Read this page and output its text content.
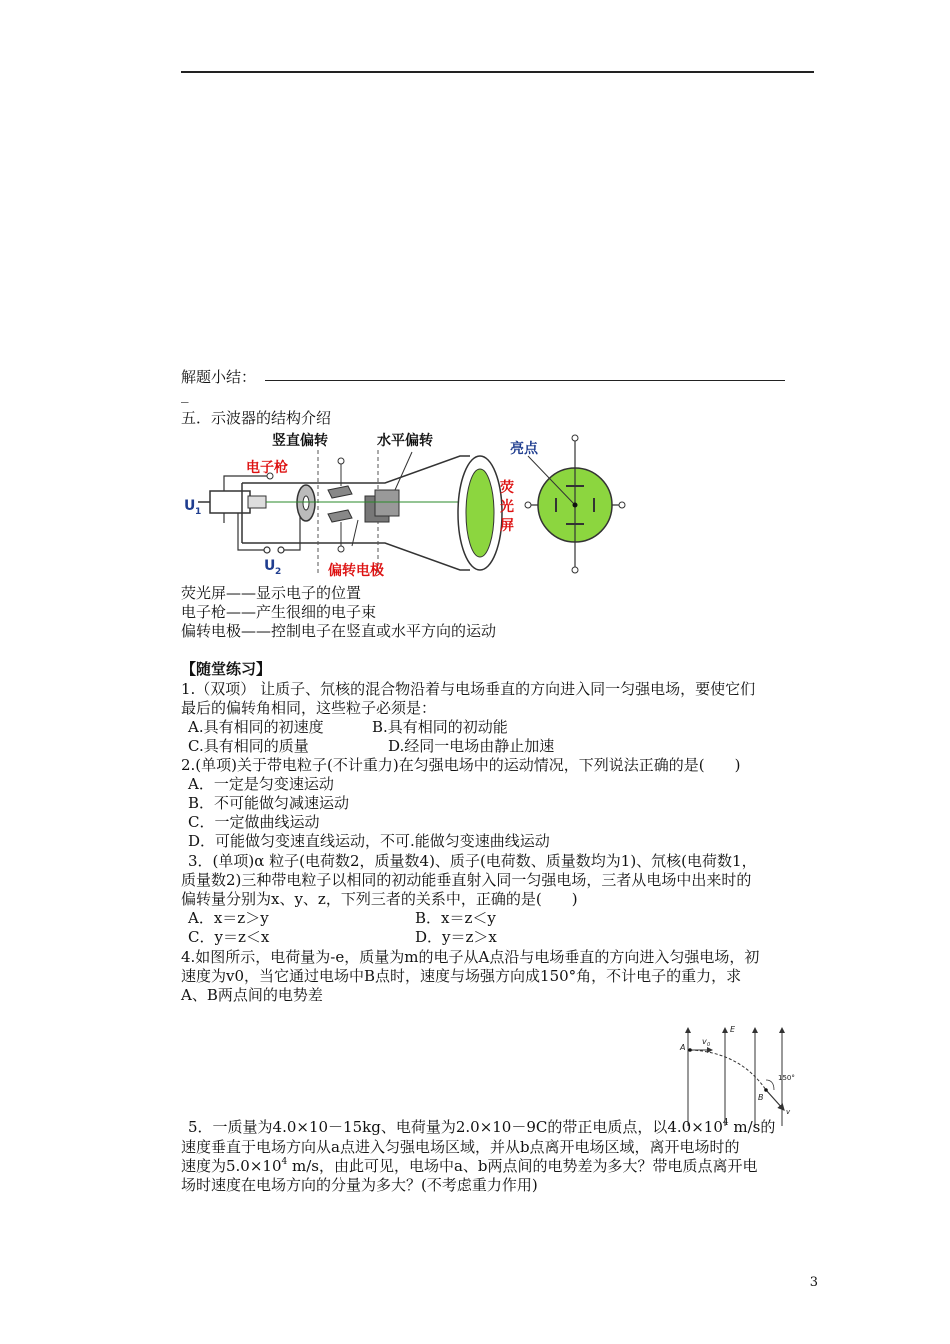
解题小结：
_
五．示波器的结构介绍
竖直偏转	水平偏转
电子枪
亮点
荧
光
屏
偏转电极
U 1
U 2
荧光屏——显示电子的位置
电子枪——产生很细的电子束
偏转电极——控制电子在竖直或水平方向的运动
【随堂练习】
1.（双项） 让质子、氘核的混合物沿着与电场垂直的方向进入同一匀强电场，要使它们
最后的偏转角相同，这些粒子必须是：
A.具有相同的初速度	B.具有相同的初动能
C.具有相同的质量	D.经同一电场由静止加速
2.(单项)关于带电粒子(不计重力)在匀强电场中的运动情况，下列说法正确的是(　　)
A．一定是匀变速运动
B．不可能做匀减速运动
C．一定做曲线运动
D．可能做匀变速直线运动，不可.能做匀变速曲线运动
3．(单项)α 粒子(电荷数2，质量数4)、质子(电荷数、质量数均为1)、氘核(电荷数1，
质量数2)三种带电粒子以相同的初动能垂直射入同一匀强电场，三者从电场中出来时的
偏转量分别为x、y、z，下列三者的关系中，正确的是(　　)
A．x＝z＞y	B．x＝z＜y
C．y＝z＜x	D．y＝z＞x
4.如图所示，电荷量为-e，质量为m的电子从A点沿与电场垂直的方向进入匀强电场，初
速度为v0，当它通过电场中B点时，速度与场强方向成150°角，不计电子的重力，求
A、B两点间的电势差
E
A
v 0
B
150°
v
5．一质量为4.0×10－15kg、电荷量为2.0×10－9C的带正电质点，以$4.0\times 10^4$ m/s的
速度垂直于电场方向从a点进入匀强电场区域，并从b点离开电场区域，离开电场时的
速度为$5.0\times 10^4$ m/s，由此可见，电场中a、b两点间的电势差为多大？带电质点离开电
场时速度在电场方向的分量为多大？(不考虑重力作用)
3
